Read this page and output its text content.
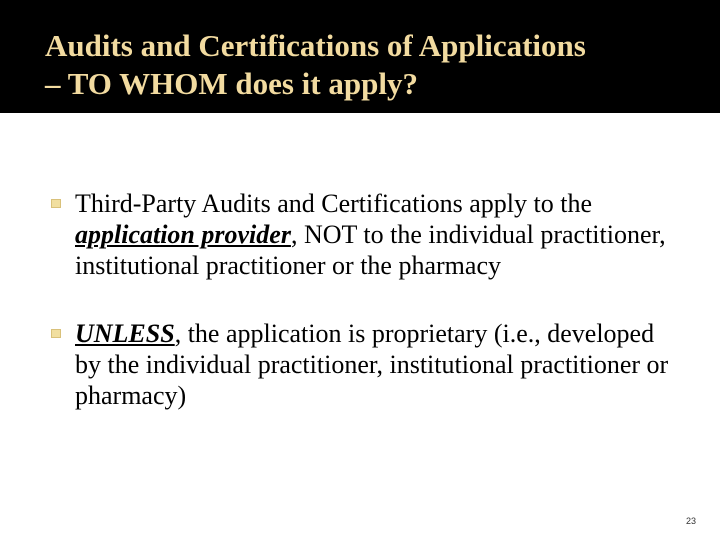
Audits and Certifications of Applications
– TO WHOM does it apply?
Third-Party Audits and Certifications apply to the application provider, NOT to the individual practitioner, institutional practitioner or the pharmacy
UNLESS, the application is proprietary (i.e., developed by the individual practitioner, institutional practitioner or pharmacy)
23
